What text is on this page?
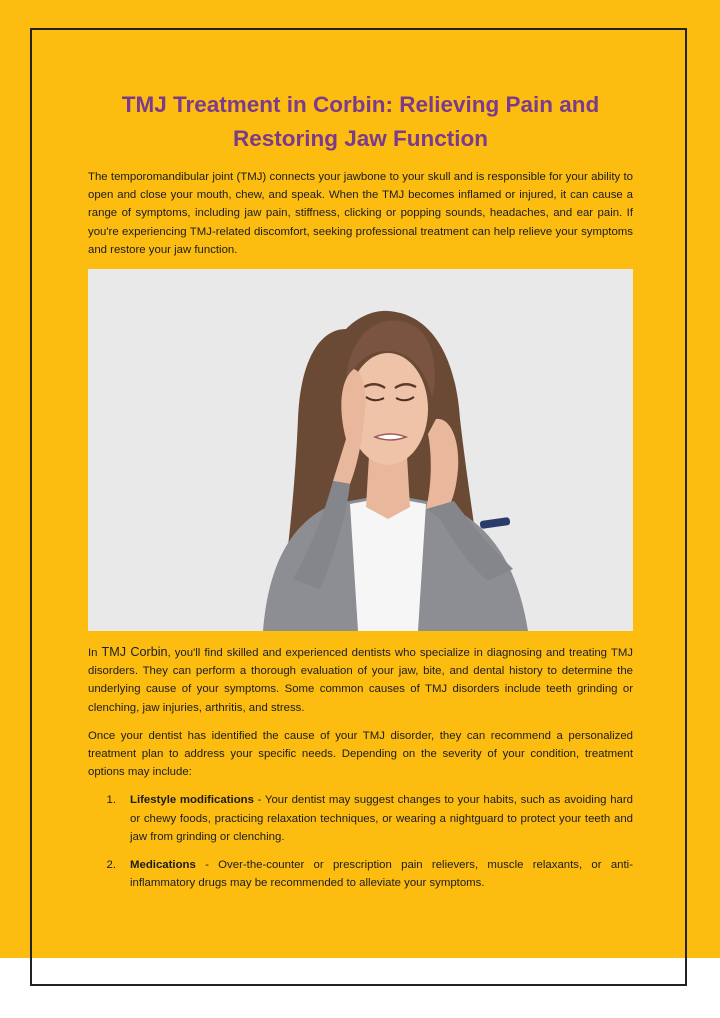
TMJ Treatment in Corbin: Relieving Pain and Restoring Jaw Function

The temporomandibular joint (TMJ) connects your jawbone to your skull and is responsible for your ability to open and close your mouth, chew, and speak. When the TMJ becomes inflamed or injured, it can cause a range of symptoms, including jaw pain, stiffness, clicking or popping sounds, headaches, and ear pain. If you're experiencing TMJ-related discomfort, seeking professional treatment can help relieve your symptoms and restore your jaw function.

In TMJ Corbin, you'll find skilled and experienced dentists who specialize in diagnosing and treating TMJ disorders. They can perform a thorough evaluation of your jaw, bite, and dental history to determine the underlying cause of your symptoms. Some common causes of TMJ disorders include teeth grinding or clenching, jaw injuries, arthritis, and stress.

Once your dentist has identified the cause of your TMJ disorder, they can recommend a personalized treatment plan to address your specific needs. Depending on the severity of your condition, treatment options may include:

1.	Lifestyle modifications - Your dentist may suggest changes to your habits, such as avoiding hard or chewy foods, practicing relaxation techniques, or wearing a nightguard to protect your teeth and jaw from grinding or clenching.

2.	Medications - Over-the-counter or prescription pain relievers, muscle relaxants, or anti-inflammatory drugs may be recommended to alleviate your symptoms.
